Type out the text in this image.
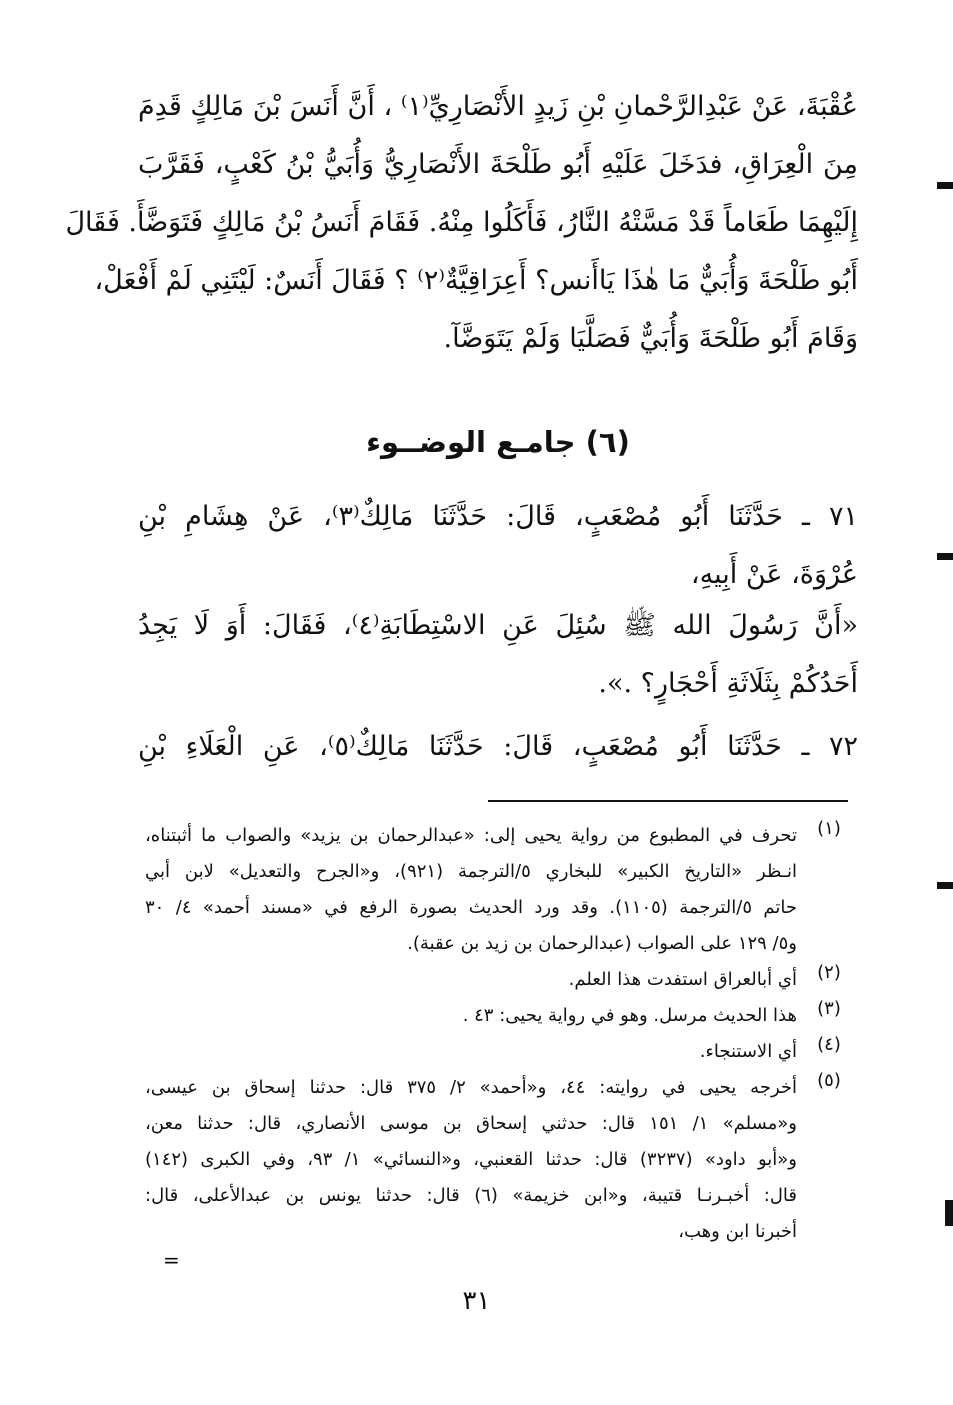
عُقْبَةَ، عَنْ عَبْدِالرَّحْمانِ بْنِ زَيدٍ الأَنْصَارِيِّ⁽١⁾ ، أَنَّ أَنَسَ بْنَ مَالِكٍ قَدِمَ
مِنَ الْعِرَاقِ، فدَخَلَ عَلَيْهِ أَبُو طَلْحَةَ الأَنْصَارِيُّ وَأُبَيُّ بْنُ كَعْبٍ، فَقَرَّبَ
إِلَيْهِمَا طَعَاماً قَدْ مَسَّتْهُ النَّارُ، فَأَكَلُوا مِنْهُ. فَقَامَ أَنَسُ بْنُ مَالِكٍ فَتَوَضَّأَ. فَقَالَ
أَبُو طَلْحَةَ وَأُبَيٌّ مَا هٰذَا يَاأَنس؟ أَعِرَاقِيَّةٌ⁽٢⁾ ؟ فَقَالَ أَنَسٌ: لَيْتَنِي لَمْ أَفْعَلْ،
وَقَامَ أَبُو طَلْحَةَ وَأُبَيٌّ فَصَلَّيَا وَلَمْ يَتَوَضَّآ.
(٦) جامـع الوضــوء
٧١ ـ حَدَّثَنَا أَبُو مُصْعَبٍ، قَالَ: حَدَّثَنَا مَالِكٌ⁽٣⁾، عَنْ هِشَامِ بْنِ
عُرْوَةَ، عَنْ أَبِيهِ،
«أَنَّ رَسُولَ الله ﷺ سُئِلَ عَنِ الاسْتِطَابَةِ⁽٤⁾، فَقَالَ: أَوَ لَا يَجِدُ
أَحَدُكُمْ بِثَلَاثَةِ أَحْجَارٍ؟ .».
٧٢ ـ حَدَّثَنَا أَبُو مُصْعَبٍ، قَالَ: حَدَّثَنَا مَالِكٌ⁽٥⁾، عَنِ الْعَلَاءِ بْنِ
(١)
تحرف في المطبوع من رواية يحيى إلى: «عبدالرحمان بن يزيد» والصواب ما أثبتناه،
انـظر «التاريخ الكبير» للبخاري ٥/الترجمة (٩٢١)، و«الجرح والتعديل» لابن أبي
حاتم ٥/الترجمة (١١٠٥). وقد ورد الحديث بصورة الرفع في «مسند أحمد» ٤/ ٣٠
و٥/ ١٢٩ على الصواب (عبدالرحمان بن زيد بن عقبة).
(٢)
أي أبالعراق استفدت هذا العلم.
(٣)
هذا الحديث مرسل. وهو في رواية يحيى: ٤٣ .
(٤)
أي الاستنجاء.
(٥)
أخرجه يحيى في روايته: ٤٤، و«أحمد» ٢/ ٣٧٥ قال: حدثنا إسحاق بن عيسى،
و«مسلم» ١/ ١٥١ قال: حدثني إسحاق بن موسى الأنصاري، قال: حدثنا معن،
و«أبو داود» (٣٢٣٧) قال: حدثنا القعنبي، و«النسائي» ١/ ٩٣، وفي الكبرى (١٤٢)
قال: أخبـرنـا قتيبة، و«ابن خزيمة» (٦) قال: حدثنا يونس بن عبدالأعلى، قال:
أخبرنا ابن وهب،
=
٣١
